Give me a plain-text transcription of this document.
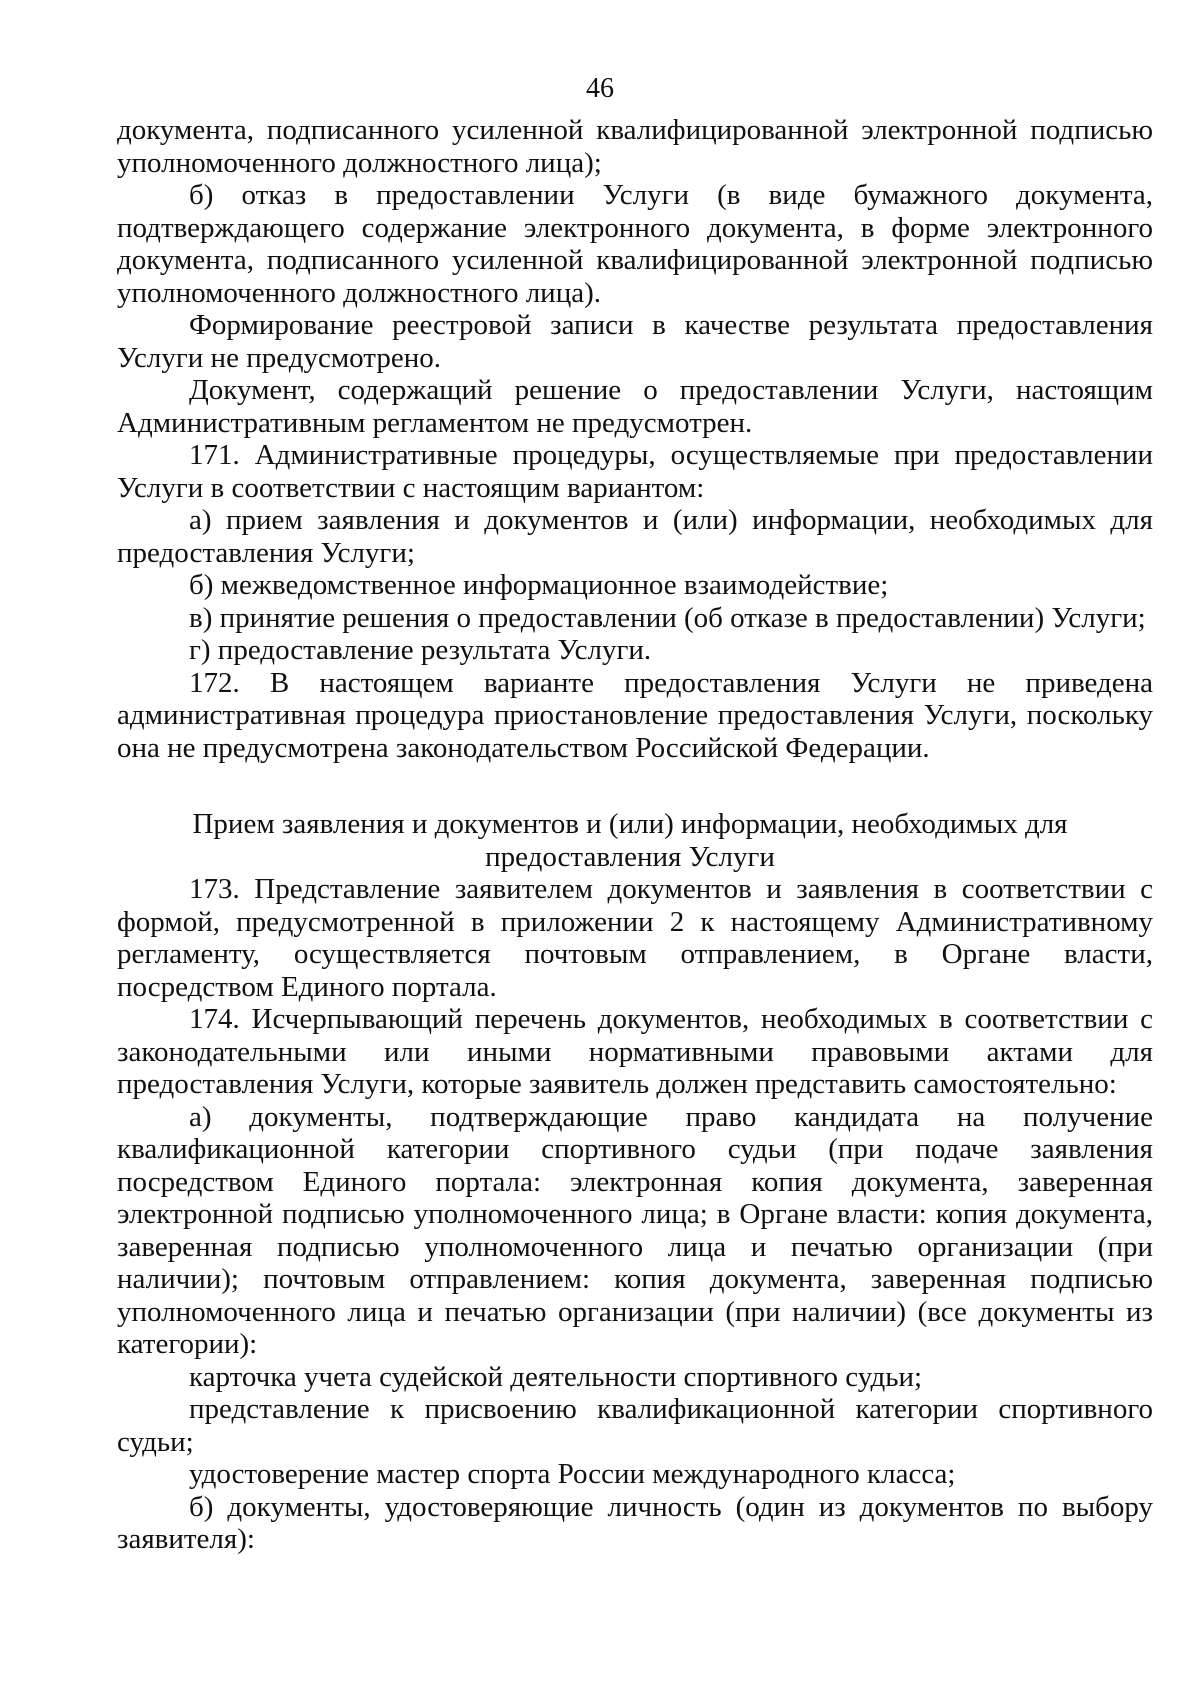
46

документа, подписанного усиленной квалифицированной электронной подписью уполномоченного должностного лица);

б) отказ в предоставлении Услуги (в виде бумажного документа, подтверждающего содержание электронного документа, в форме электронного документа, подписанного усиленной квалифицированной электронной подписью уполномоченного должностного лица).

Формирование реестровой записи в качестве результата предоставления Услуги не предусмотрено.

Документ, содержащий решение о предоставлении Услуги, настоящим Административным регламентом не предусмотрен.

171. Административные процедуры, осуществляемые при предоставлении Услуги в соответствии с настоящим вариантом:

а) прием заявления и документов и (или) информации, необходимых для предоставления Услуги;

б) межведомственное информационное взаимодействие;

в) принятие решения о предоставлении (об отказе в предоставлении) Услуги;

г) предоставление результата Услуги.

172. В настоящем варианте предоставления Услуги не приведена административная процедура приостановление предоставления Услуги, поскольку она не предусмотрена законодательством Российской Федерации.

Прием заявления и документов и (или) информации, необходимых для предоставления Услуги

173. Представление заявителем документов и заявления в соответствии с формой, предусмотренной в приложении 2 к настоящему Административному регламенту, осуществляется почтовым отправлением, в Органе власти, посредством Единого портала.

174. Исчерпывающий перечень документов, необходимых в соответствии с законодательными или иными нормативными правовыми актами для предоставления Услуги, которые заявитель должен представить самостоятельно:

а) документы, подтверждающие право кандидата на получение квалификационной категории спортивного судьи (при подаче заявления посредством Единого портала: электронная копия документа, заверенная электронной подписью уполномоченного лица; в Органе власти: копия документа, заверенная подписью уполномоченного лица и печатью организации (при наличии); почтовым отправлением: копия документа, заверенная подписью уполномоченного лица и печатью организации (при наличии) (все документы из категории):

карточка учета судейской деятельности спортивного судьи;

представление к присвоению квалификационной категории спортивного судьи;

удостоверение мастер спорта России международного класса;

б) документы, удостоверяющие личность (один из документов по выбору заявителя):
